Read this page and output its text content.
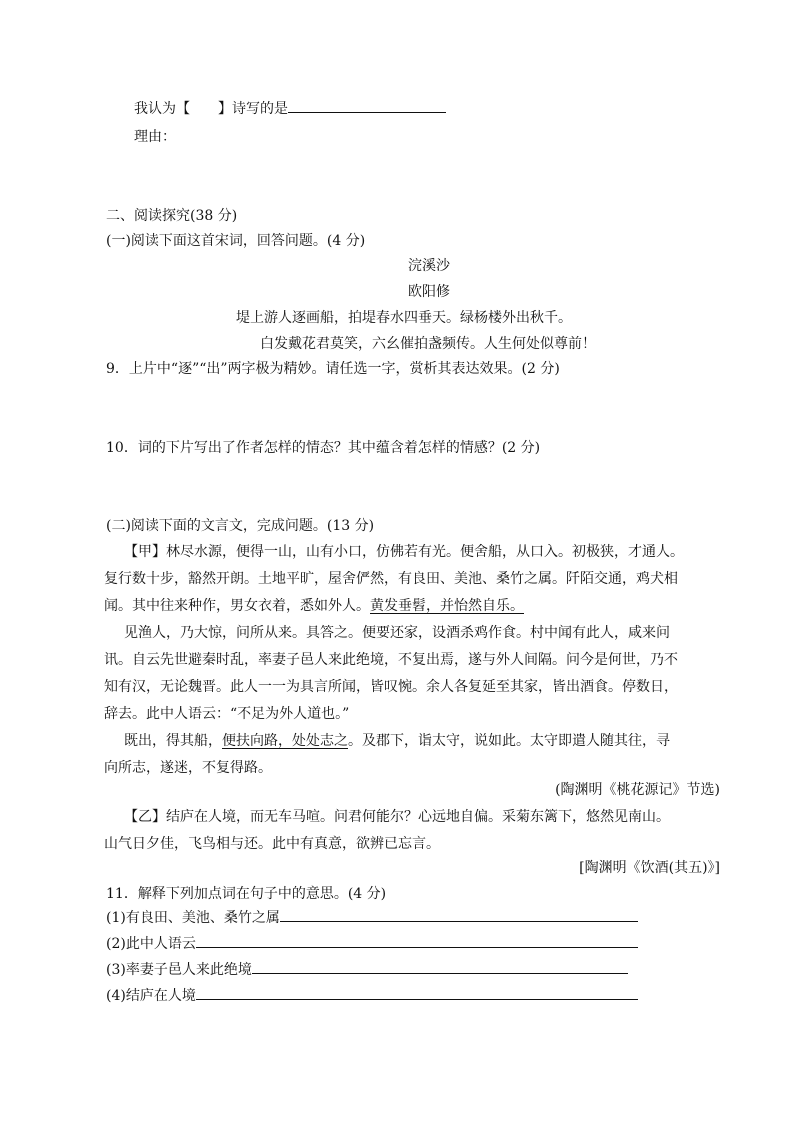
我认为【 】诗写的是
理由：
二、阅读探究(38 分)
(一)阅读下面这首宋词，回答问题。(4 分)
浣溪沙
欧阳修
堤上游人逐画船，拍堤春水四垂天。绿杨楼外出秋千。
白发戴花君莫笑，六幺催拍盏频传。人生何处似尊前！
9．上片中“逐”“出”两字极为精妙。请任选一字，赏析其表达效果。(2 分)
10．词的下片写出了作者怎样的情态？其中蕴含着怎样的情感？(2 分)
(二)阅读下面的文言文，完成问题。(13 分)
【甲】林尽水源，便得一山，山有小口，仿佛若有光。便舍船，从口入。初极狭，才通人。
复行数十步，豁然开朗。土地平旷，屋舍俨然，有良田、美池、桑竹之属。阡陌交通，鸡犬相
闻。其中往来种作，男女衣着，悉如外人。黄发垂髫，并怡然自乐。
见渔人，乃大惊，问所从来。具答之。便要还家，设酒杀鸡作食。村中闻有此人，咸来问
讯。自云先世避秦时乱，率妻子邑人来此绝境，不复出焉，遂与外人间隔。问今是何世，乃不
知有汉，无论魏晋。此人一一为具言所闻，皆叹惋。余人各复延至其家，皆出酒食。停数日，
辞去。此中人语云：“不足为外人道也。”
既出，得其船，便扶向路，处处志之。及郡下，诣太守，说如此。太守即遣人随其往，寻
向所志，遂迷，不复得路。
(陶渊明《桃花源记》节选)
【乙】结庐在人境，而无车马喧。问君何能尔？心远地自偏。采菊东篱下，悠然见南山。
山气日夕佳，飞鸟相与还。此中有真意，欲辨已忘言。
[陶渊明《饮酒(其五)》]
11．解释下列加点词在句子中的意思。(4 分)
(1)有良田、美池、桑竹之属
(2)此中人语云
(3)率妻子邑人来此绝境
(4)结庐在人境
